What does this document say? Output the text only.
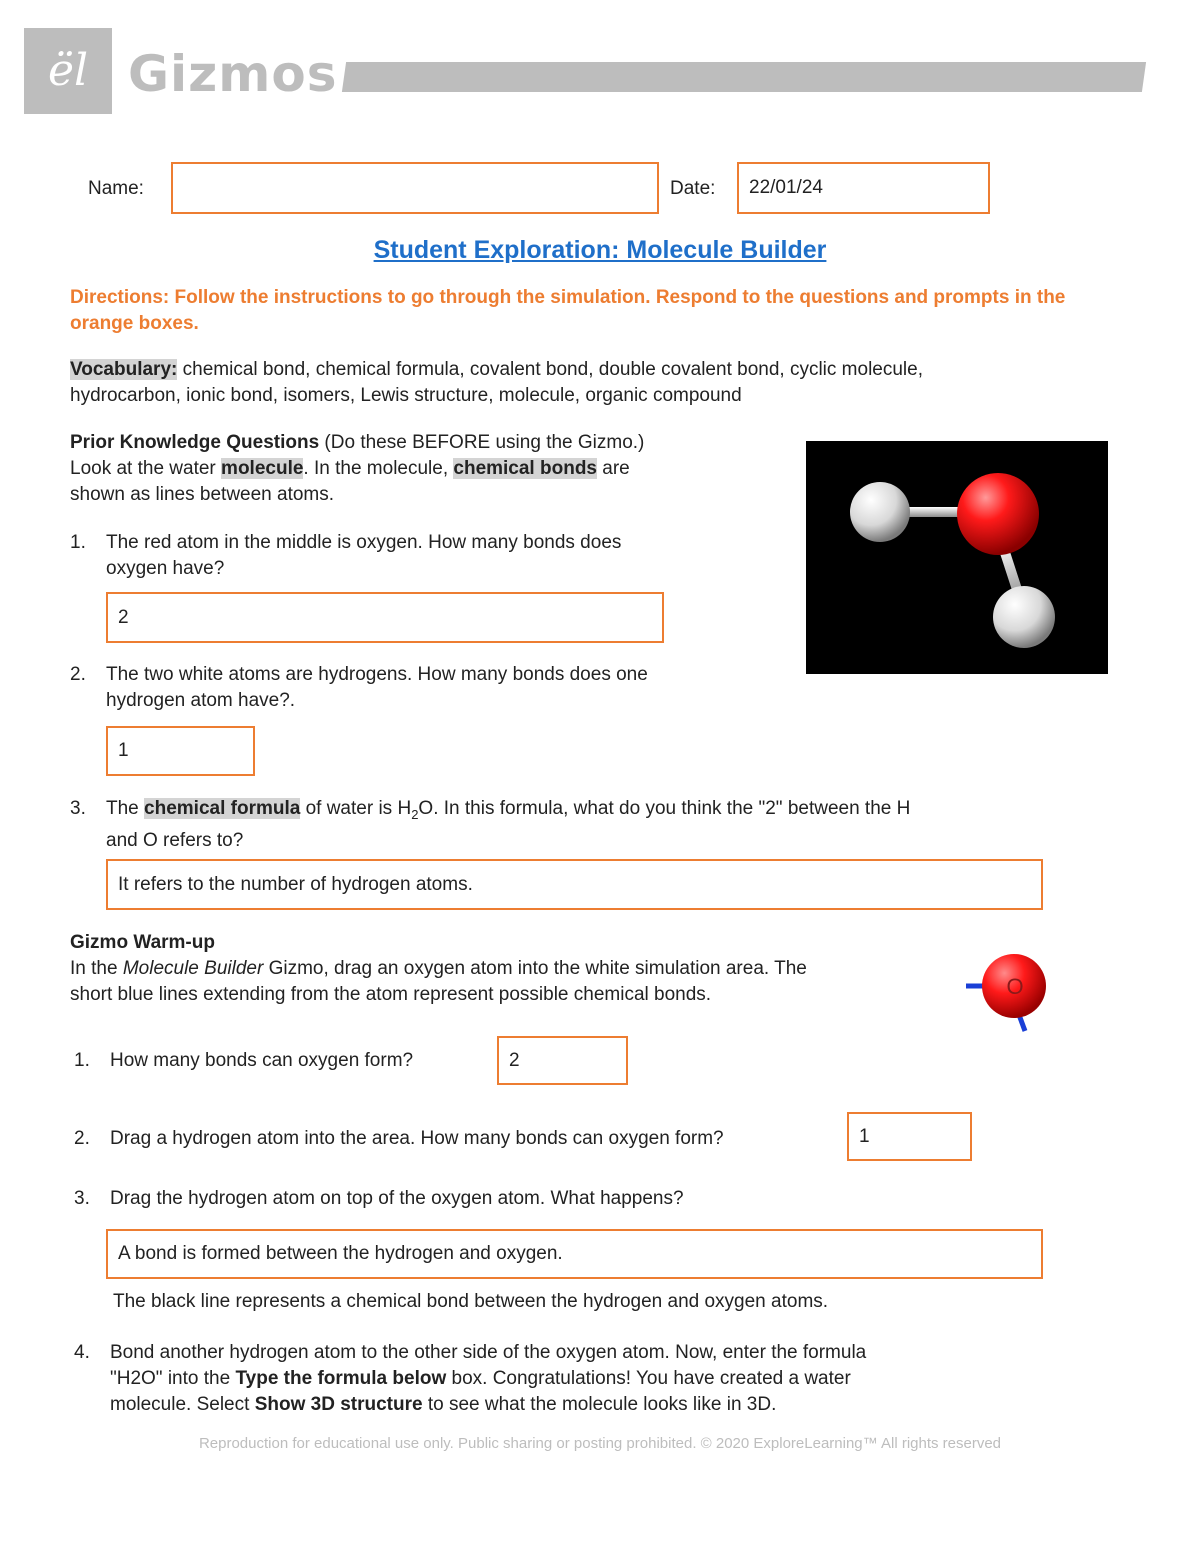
ël Gizmos
Name:	Date: 22/01/24
Student Exploration: Molecule Builder
Directions: Follow the instructions to go through the simulation. Respond to the questions and prompts in the orange boxes.
Vocabulary: chemical bond, chemical formula, covalent bond, double covalent bond, cyclic molecule,
hydrocarbon, ionic bond, isomers, Lewis structure, molecule, organic compound
Prior Knowledge Questions (Do these BEFORE using the Gizmo.)
Look at the water molecule. In the molecule, chemical bonds are
shown as lines between atoms.
1. The red atom in the middle is oxygen. How many bonds does
oxygen have?
2
2. The two white atoms are hydrogens. How many bonds does one
hydrogen atom have?.
1
3. The chemical formula of water is $H_2O$. In this formula, what do you think the "2" between the H
and O refers to?
It refers to the number of hydrogen atoms.
Gizmo Warm-up
In the Molecule Builder Gizmo, drag an oxygen atom into the white simulation area. The
short blue lines extending from the atom represent possible chemical bonds.	O
1. How many bonds can oxygen form?	2
2. Drag a hydrogen atom into the area. How many bonds can oxygen form?	1
3. Drag the hydrogen atom on top of the oxygen atom. What happens?
A bond is formed between the hydrogen and oxygen.
The black line represents a chemical bond between the hydrogen and oxygen atoms.
4. Bond another hydrogen atom to the other side of the oxygen atom. Now, enter the formula
"H2O" into the Type the formula below box. Congratulations! You have created a water
molecule. Select Show 3D structure to see what the molecule looks like in 3D.
Reproduction for educational use only. Public sharing or posting prohibited. © 2020 ExploreLearning™ All rights reserved
